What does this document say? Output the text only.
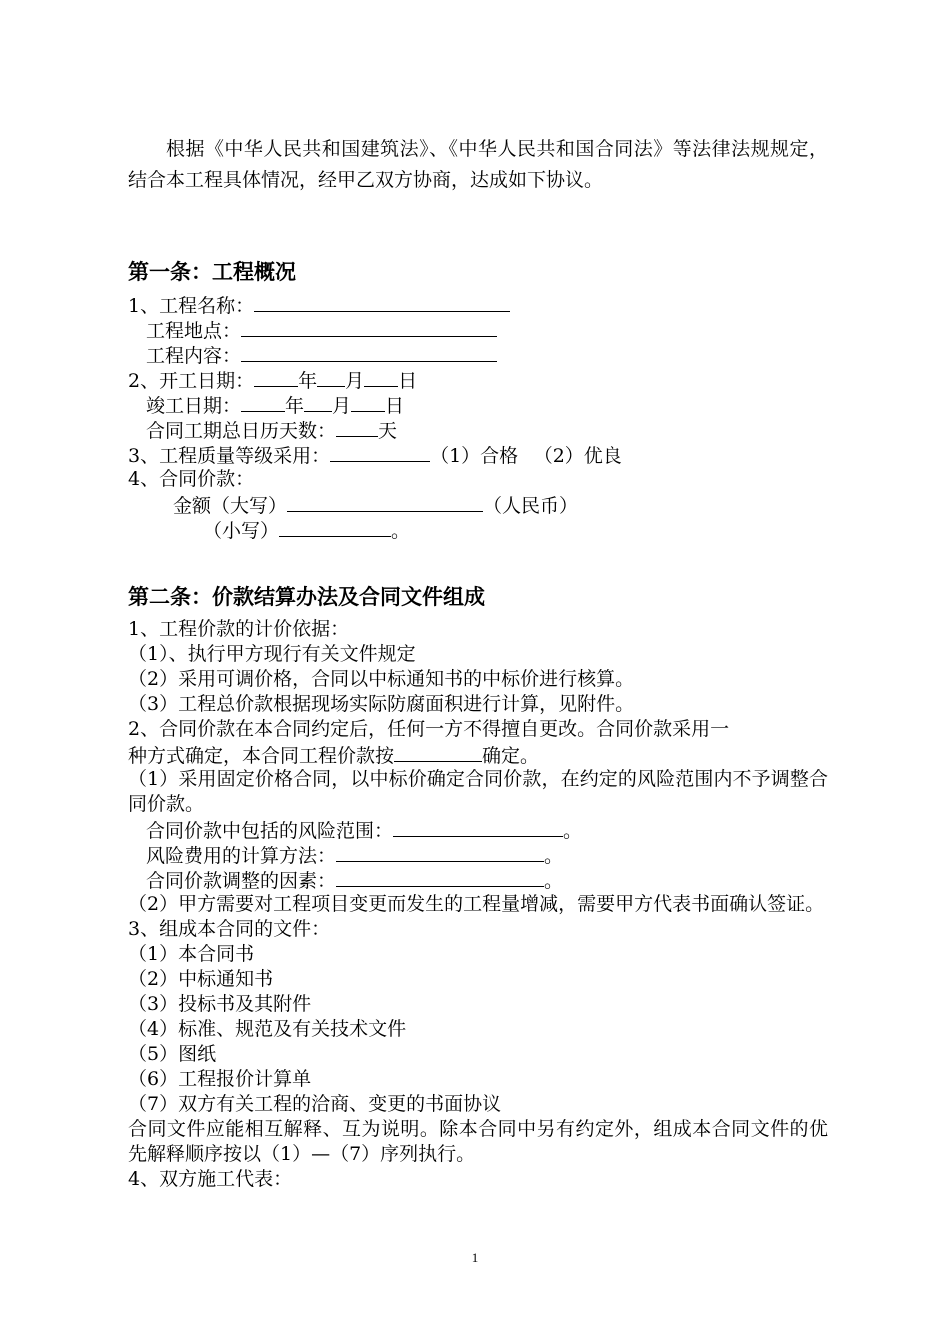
根据《中华人民共和国建筑法》、《中华人民共和国合同法》等法律法规规定，结合本工程具体情况，经甲乙双方协商，达成如下协议。

第一条：工程概况
1、工程名称：
工程地点：
工程内容：
2、开工日期： 年 月 日
竣工日期： 年 月 日
合同工期总日历天数： 天
3、工程质量等级采用：	（1）合格 　（2）优良
4、合同价款：
金额（大写）	（人民币）
（小写）	。
第二条：价款结算办法及合同文件组成
1、工程价款的计价依据：
（1）、执行甲方现行有关文件规定
（2）采用可调价格，合同以中标通知书的中标价进行核算。
（3）工程总价款根据现场实际防腐面积进行计算，见附件。
2、合同价款在本合同约定后，任何一方不得擅自更改。合同价款采用一
种方式确定，本合同工程价款按	确定。
（1）采用固定价格合同，以中标价确定合同价款，在约定的风险范围内不予调整合同价款。
合同价款中包括的风险范围：	。
风险费用的计算方法：	。
合同价款调整的因素：	。
（2）甲方需要对工程项目变更而发生的工程量增减，需要甲方代表书面确认签证。
3、组成本合同的文件：
（1）本合同书
（2）中标通知书
（3）投标书及其附件
（4）标准、规范及有关技术文件
（5）图纸
（6）工程报价计算单
（7）双方有关工程的洽商、变更的书面协议
合同文件应能相互解释、互为说明。除本合同中另有约定外，组成本合同文件的优先解释顺序按以（1）—（7）序列执行。
4、双方施工代表：
1
